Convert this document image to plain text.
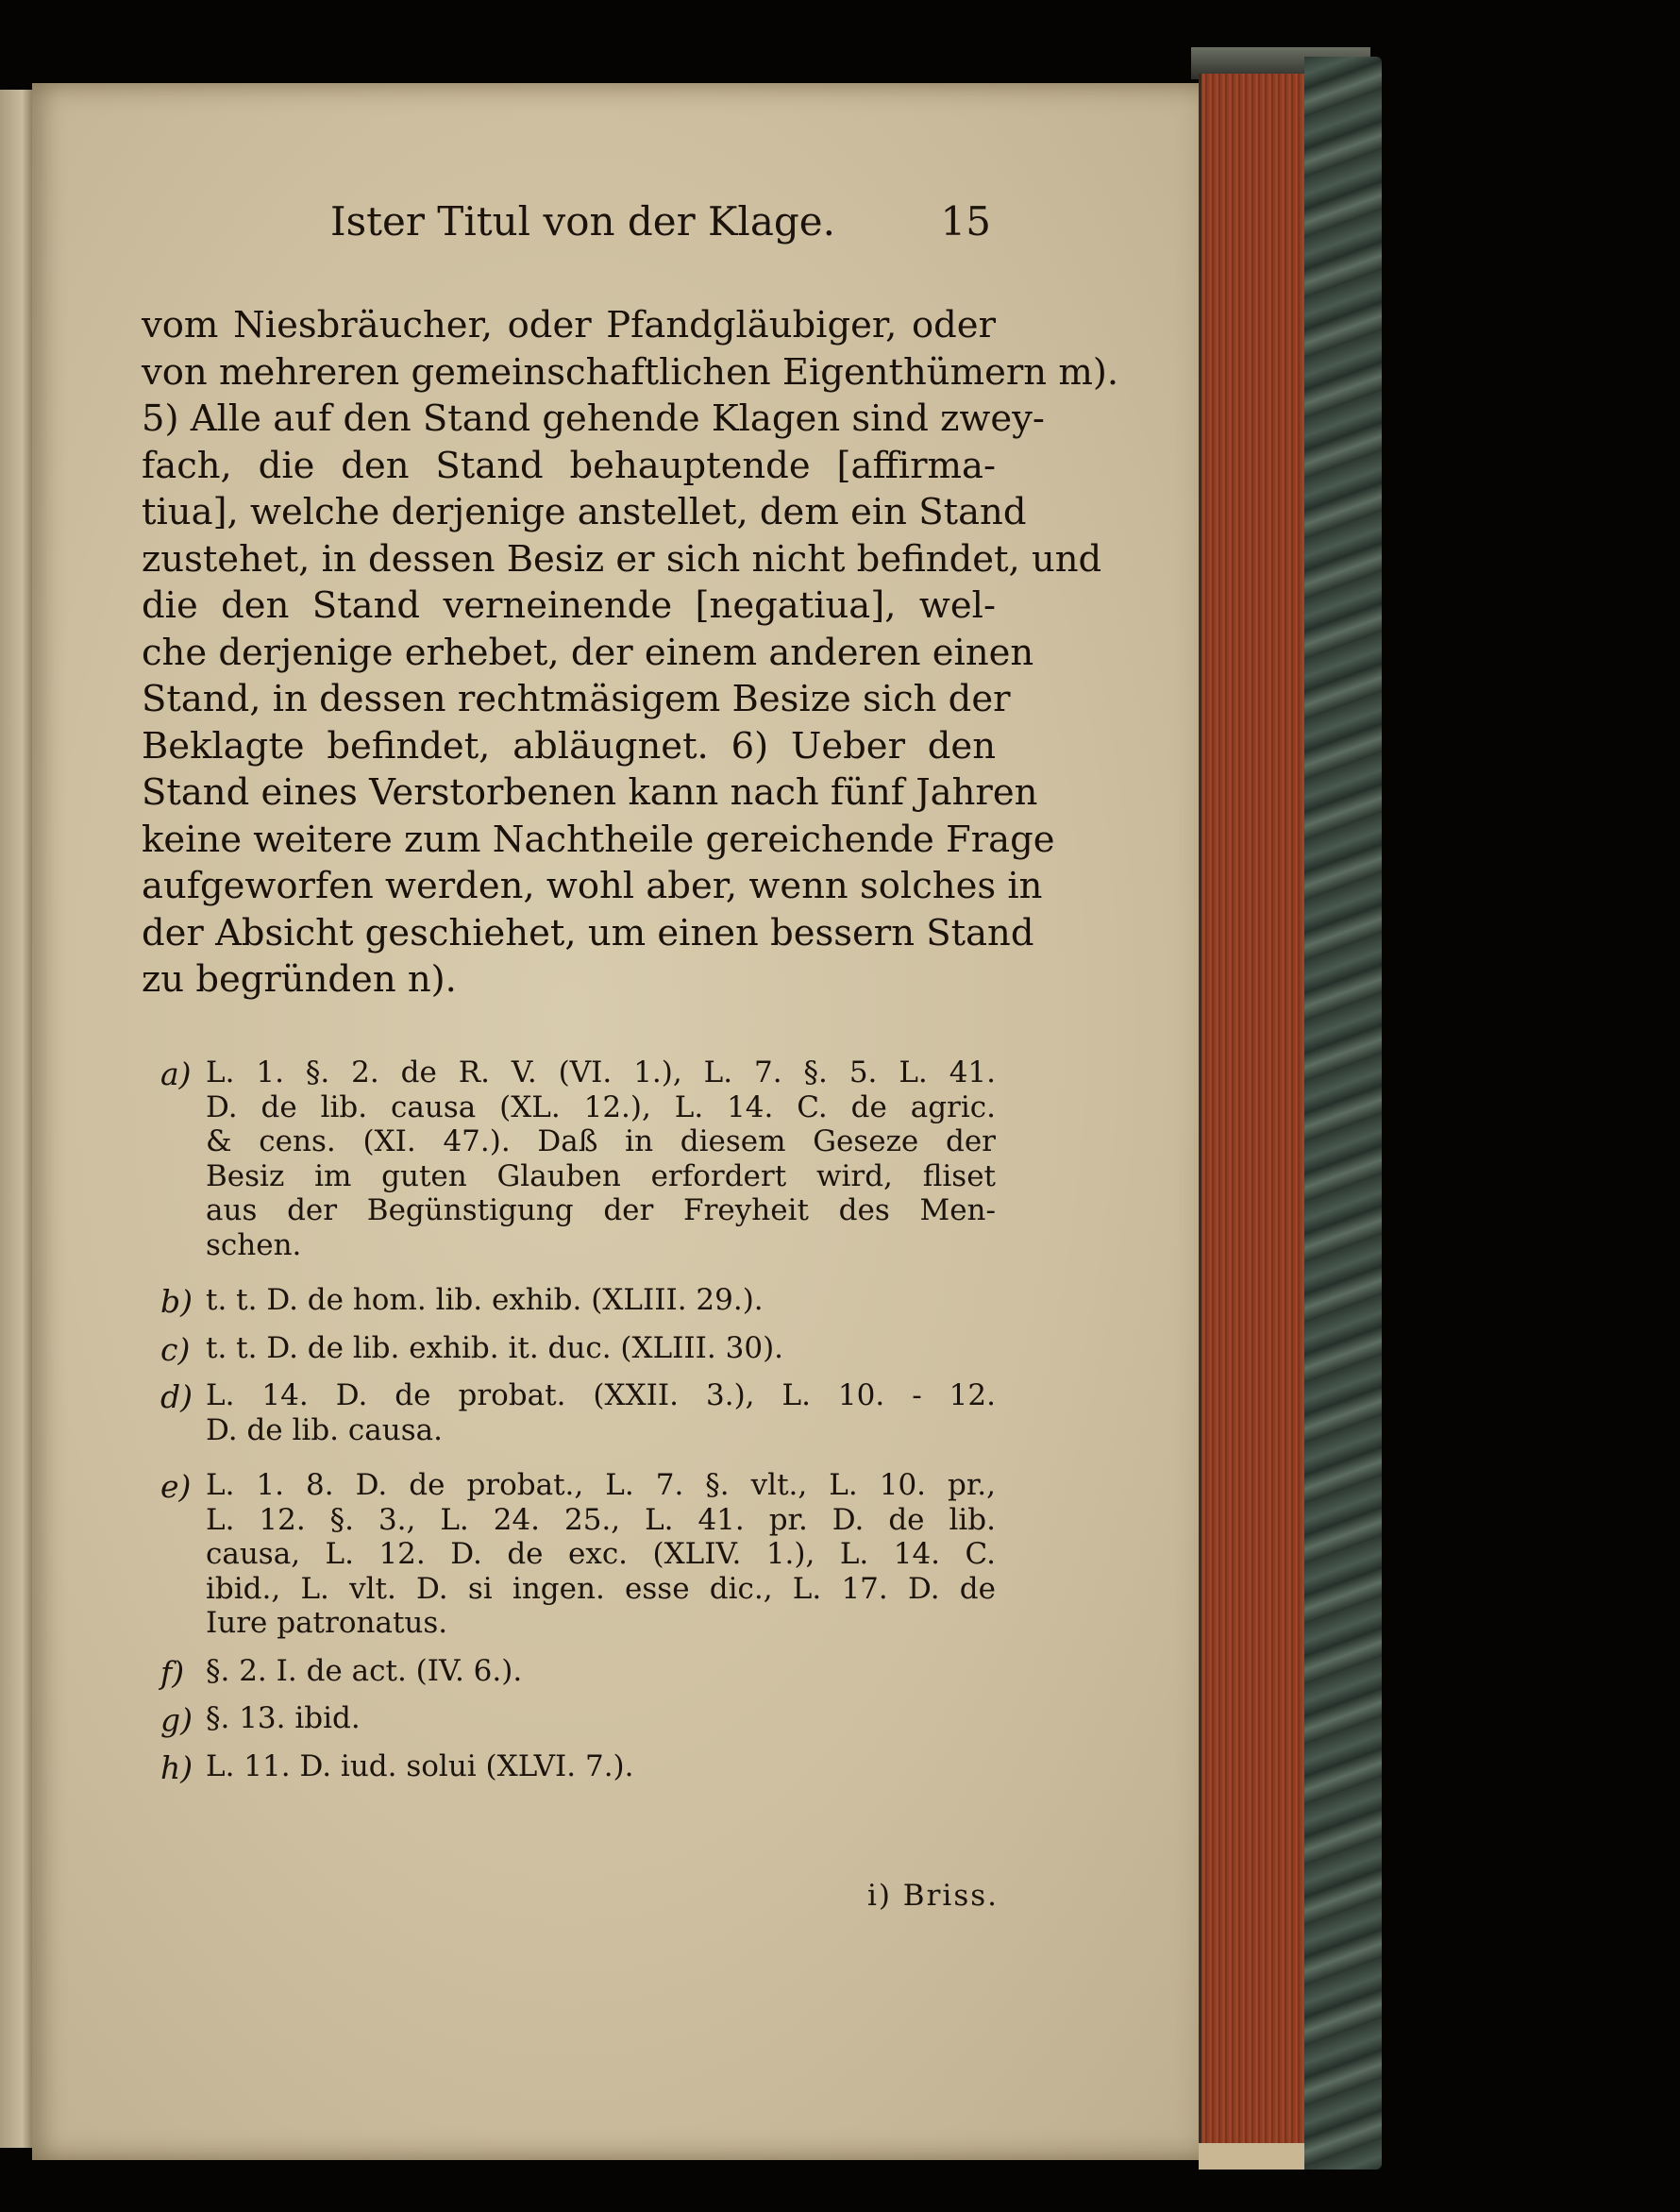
Ister Titul von der Klage.	15
vom Niesbräucher, oder Pfandgläubiger, oder
von mehreren gemeinschaftlichen Eigenthümern m).
5) Alle auf den Stand gehende Klagen sind zwey-
fach, die den Stand behauptende [affirma-
tiua], welche derjenige anstellet, dem ein Stand
zustehet, in dessen Besiz er sich nicht befindet, und
die den Stand verneinende [negatiua], wel-
che derjenige erhebet, der einem anderen einen
Stand, in dessen rechtmäsigem Besize sich der
Beklagte befindet, abläugnet. 6) Ueber den
Stand eines Verstorbenen kann nach fünf Jahren
keine weitere zum Nachtheile gereichende Frage
aufgeworfen werden, wohl aber, wenn solches in
der Absicht geschiehet, um einen bessern Stand
zu begründen n).
a) L. 1. §. 2. de R. V. (VI. 1.), L. 7. §. 5. L. 41.
D. de lib. causa (XL. 12.), L. 14. C. de agric.
& cens. (XI. 47.). Daß in diesem Geseze der
Besiz im guten Glauben erfordert wird, fliset
aus der Begünstigung der Freyheit des Men-
schen.
b) t. t. D. de hom. lib. exhib. (XLIII. 29.).
c) t. t. D. de lib. exhib. it. duc. (XLIII. 30).
d) L. 14. D. de probat. (XXII. 3.), L. 10. - 12.
D. de lib. causa.
e) L. 1. 8. D. de probat., L. 7. §. vlt., L. 10. pr.,
L. 12. §. 3., L. 24. 25., L. 41. pr. D. de lib.
causa, L. 12. D. de exc. (XLIV. 1.), L. 14. C.
ibid., L. vlt. D. si ingen. esse dic., L. 17. D. de
Iure patronatus.
f) §. 2. I. de act. (IV. 6.).
g) §. 13. ibid.
h) L. 11. D. iud. solui (XLVI. 7.).
i) Briss.
